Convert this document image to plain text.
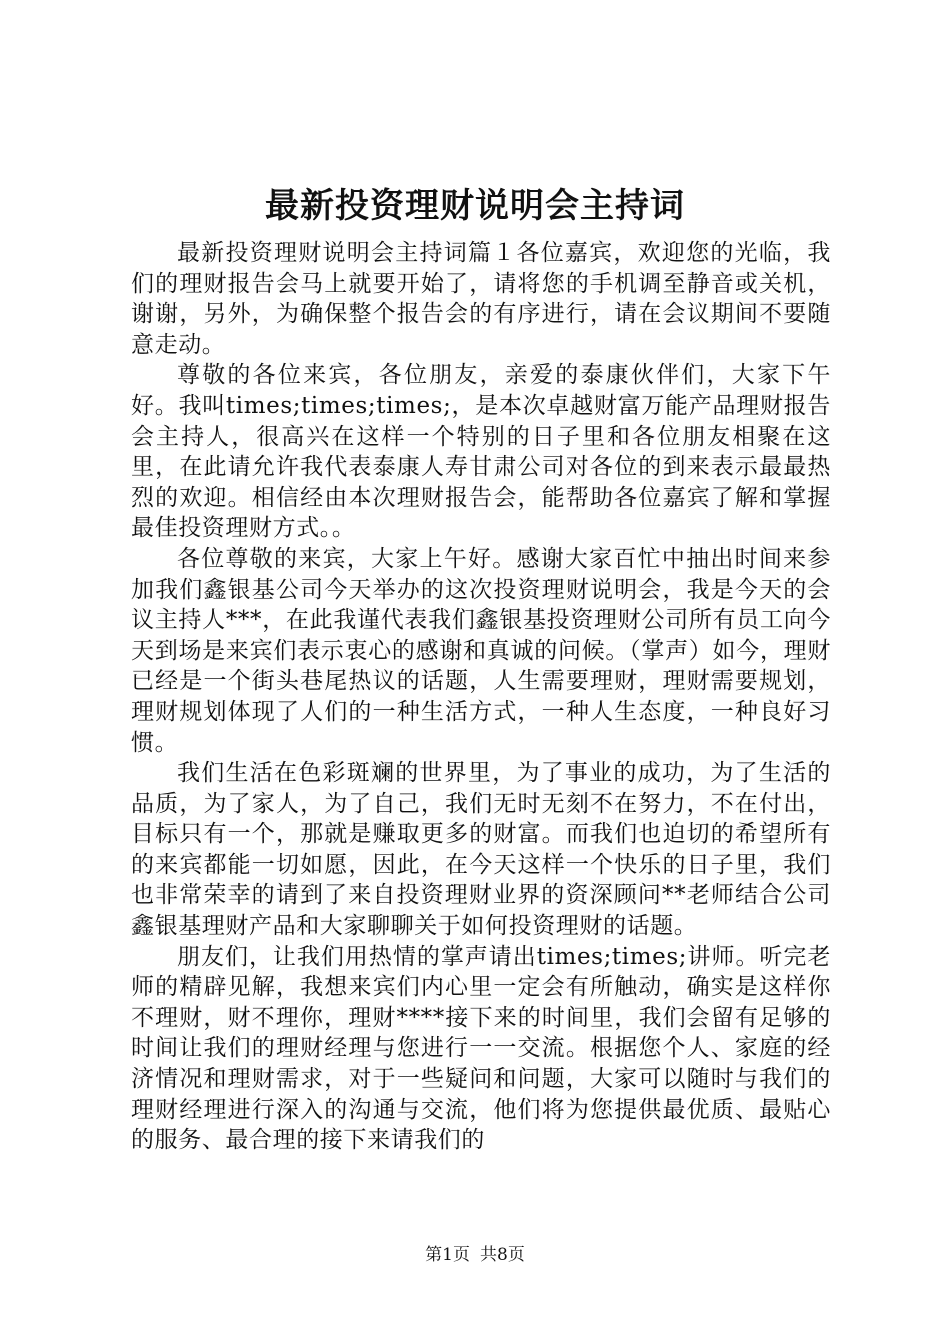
最新投资理财说明会主持词

最新投资理财说明会主持词篇１各位嘉宾，欢迎您的光临，我们的理财报告会马上就要开始了，请将您的手机调至静音或关机，谢谢，另外，为确保整个报告会的有序进行，请在会议期间不要随意走动。

尊敬的各位来宾，各位朋友，亲爱的泰康伙伴们，大家下午好。我叫times;times;times;，是本次卓越财富万能产品理财报告会主持人，很高兴在这样一个特别的日子里和各位朋友相聚在这里，在此请允许我代表泰康人寿甘肃公司对各位的到来表示最最热烈的欢迎。相信经由本次理财报告会，能帮助各位嘉宾了解和掌握最佳投资理财方式。。

各位尊敬的来宾，大家上午好。感谢大家百忙中抽出时间来参加我们鑫银基公司今天举办的这次投资理财说明会，我是今天的会议主持人***，在此我谨代表我们鑫银基投资理财公司所有员工向今天到场是来宾们表示衷心的感谢和真诚的问候。（掌声）如今，理财已经是一个街头巷尾热议的话题，人生需要理财，理财需要规划，理财规划体现了人们的一种生活方式，一种人生态度，一种良好习惯。

我们生活在色彩斑斓的世界里，为了事业的成功，为了生活的品质，为了家人，为了自己，我们无时无刻不在努力，不在付出，目标只有一个，那就是赚取更多的财富。而我们也迫切的希望所有的来宾都能一切如愿，因此，在今天这样一个快乐的日子里，我们也非常荣幸的请到了来自投资理财业界的资深顾问**老师结合公司鑫银基理财产品和大家聊聊关于如何投资理财的话题。

朋友们，让我们用热情的掌声请出times;times;讲师。听完老师的精辟见解，我想来宾们内心里一定会有所触动，确实是这样你不理财，财不理你，理财****接下来的时间里，我们会留有足够的时间让我们的理财经理与您进行一一交流。根据您个人、家庭的经济情况和理财需求，对于一些疑问和问题，大家可以随时与我们的理财经理进行深入的沟通与交流，他们将为您提供最优质、最贴心的服务、最合理的接下来请我们的

第1页 共8页
